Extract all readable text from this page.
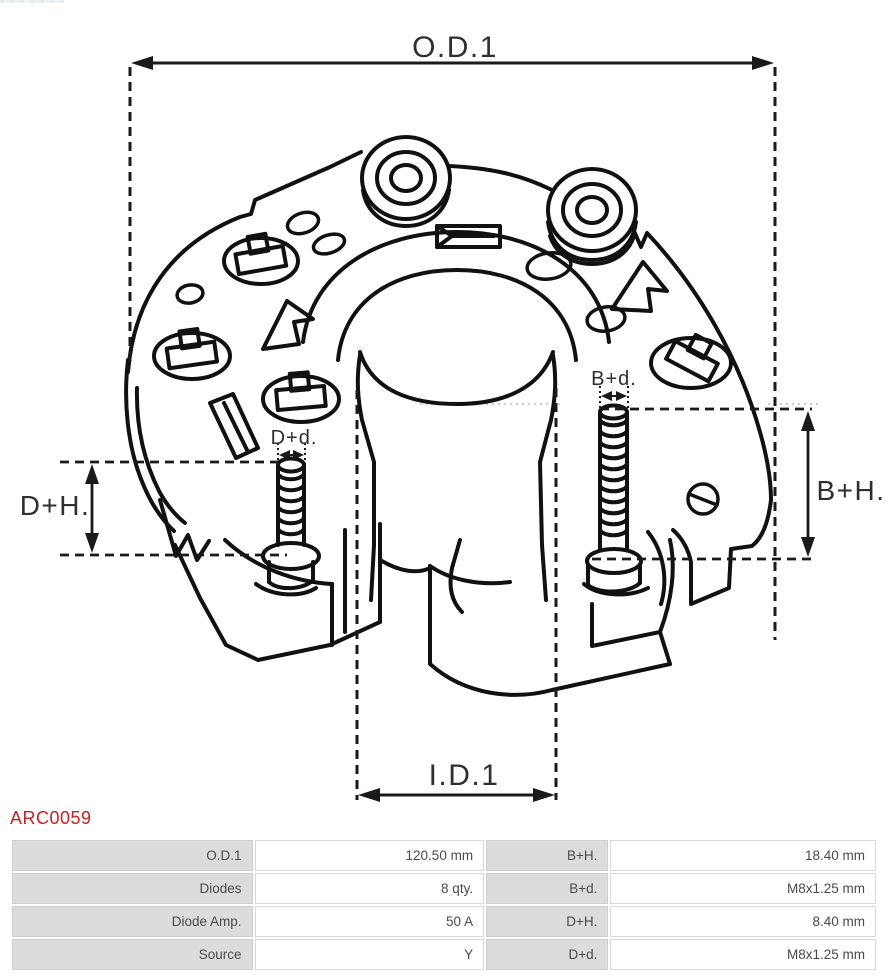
O.D.1
I.D.1
D+H.	B+H.
D+d.
B+d.
ARC0059
O.D.1	120.50 mm	B+H.	18.40 mm
Diodes	8 qty.	B+d.	M8x1.25 mm
Diode Amp.	50 A	D+H.	8.40 mm
Source	Y	D+d.	M8x1.25 mm
